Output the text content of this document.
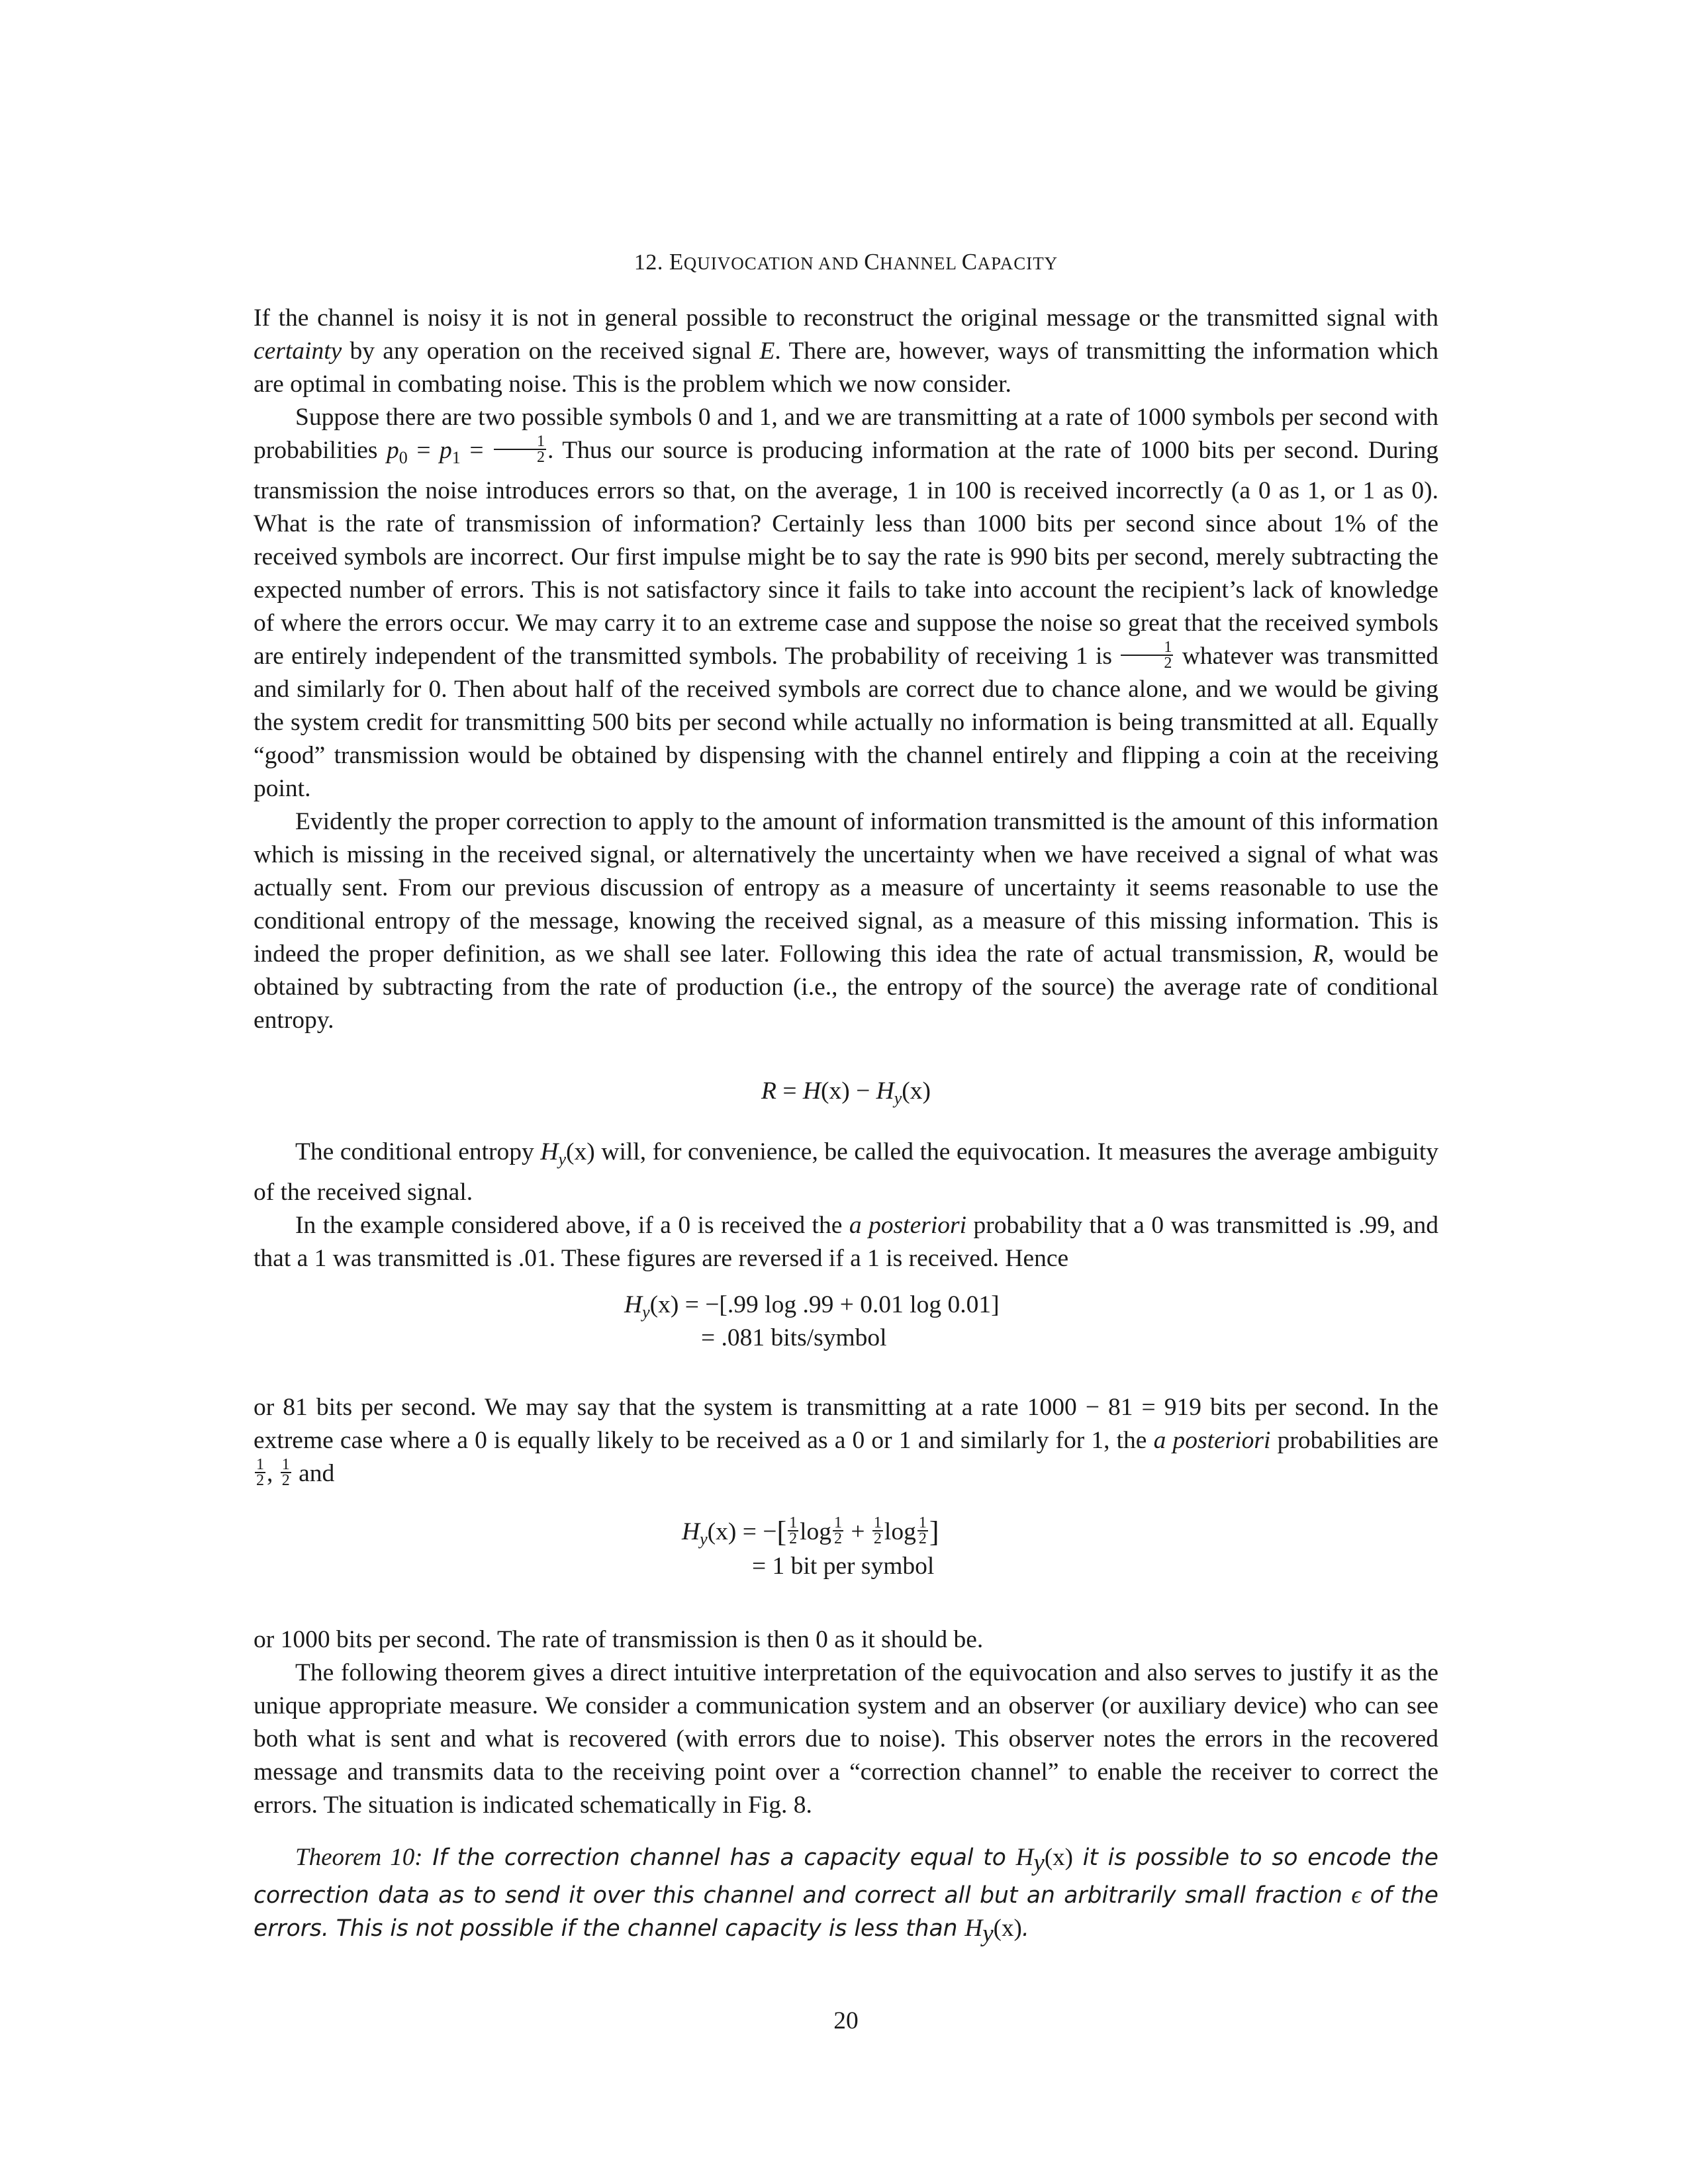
12. EQUIVOCATION AND CHANNEL CAPACITY

If the channel is noisy it is not in general possible to reconstruct the original message or the transmitted signal with certainty by any operation on the received signal E. There are, however, ways of transmitting the information which are optimal in combating noise. This is the problem which we now consider.

Suppose there are two possible symbols 0 and 1, and we are transmitting at a rate of 1000 symbols per second with probabilities $p_0 = p_1 = \frac{1}{2}$ . Thus our source is producing information at the rate of 1000 bits per second. During transmission the noise introduces errors so that, on the average, 1 in 100 is received incorrectly (a 0 as 1, or 1 as 0). What is the rate of transmission of information? Certainly less than 1000 bits per second since about 1% of the received symbols are incorrect. Our first impulse might be to say the rate is 990 bits per second, merely subtracting the expected number of errors. This is not satisfactory since it fails to take into account the recipient’s lack of knowledge of where the errors occur. We may carry it to an extreme case and suppose the noise so great that the received symbols are entirely independent of the transmitted symbols. The probability of receiving 1 is $\frac{1}{2}$ whatever was transmitted and similarly for 0. Then about half of the received symbols are correct due to chance alone, and we would be giving the system credit for transmitting 500 bits per second while actually no information is being transmitted at all. Equally “good” transmission would be obtained by dispensing with the channel entirely and flipping a coin at the receiving point.

Evidently the proper correction to apply to the amount of information transmitted is the amount of this information which is missing in the received signal, or alternatively the uncertainty when we have received a signal of what was actually sent. From our previous discussion of entropy as a measure of uncertainty it seems reasonable to use the conditional entropy of the message, knowing the received signal, as a measure of this missing information. This is indeed the proper definition, as we shall see later. Following this idea the rate of actual transmission, R, would be obtained by subtracting from the rate of production (i.e., the entropy of the source) the average rate of conditional entropy.

$R = H(x) - H_y(x)$

The conditional entropy $H_y(x)$ will, for convenience, be called the equivocation. It measures the average ambiguity of the received signal.

In the example considered above, if a 0 is received the a posteriori probability that a 0 was transmitted is .99, and that a 1 was transmitted is .01. These figures are reversed if a 1 is received. Hence

$H_y(x) = -[.99$ log .99 + 0.01 log 0.01]
= .081 bits/symbol

or 81 bits per second. We may say that the system is transmitting at a rate 1000 − 81 = 919 bits per second. In the extreme case where a 0 is equally likely to be received as a 0 or 1 and similarly for 1, the a posteriori probabilities are
$\frac{1}{2}$ , $\frac{1}{2}$ and

$H_y(x)$ = −[ $\frac{1}{2}$ $\log \frac{1}{2} + \frac{1}{2}$ $\log \frac{1}{2}$ ]
= 1 bit per symbol

or 1000 bits per second. The rate of transmission is then 0 as it should be.

The following theorem gives a direct intuitive interpretation of the equivocation and also serves to justify it as the unique appropriate measure. We consider a communication system and an observer (or auxiliary device) who can see both what is sent and what is recovered (with errors due to noise). This observer notes the errors in the recovered message and transmits data to the receiving point over a “correction channel” to enable the receiver to correct the errors. The situation is indicated schematically in Fig. 8.

Theorem 10: If the correction channel has a capacity equal to Hy(x) it is possible to so encode the correction data as to send it over this channel and correct all but an arbitrarily small fraction ϵ of the errors. This is not possible if the channel capacity is less than Hy(x).
20
